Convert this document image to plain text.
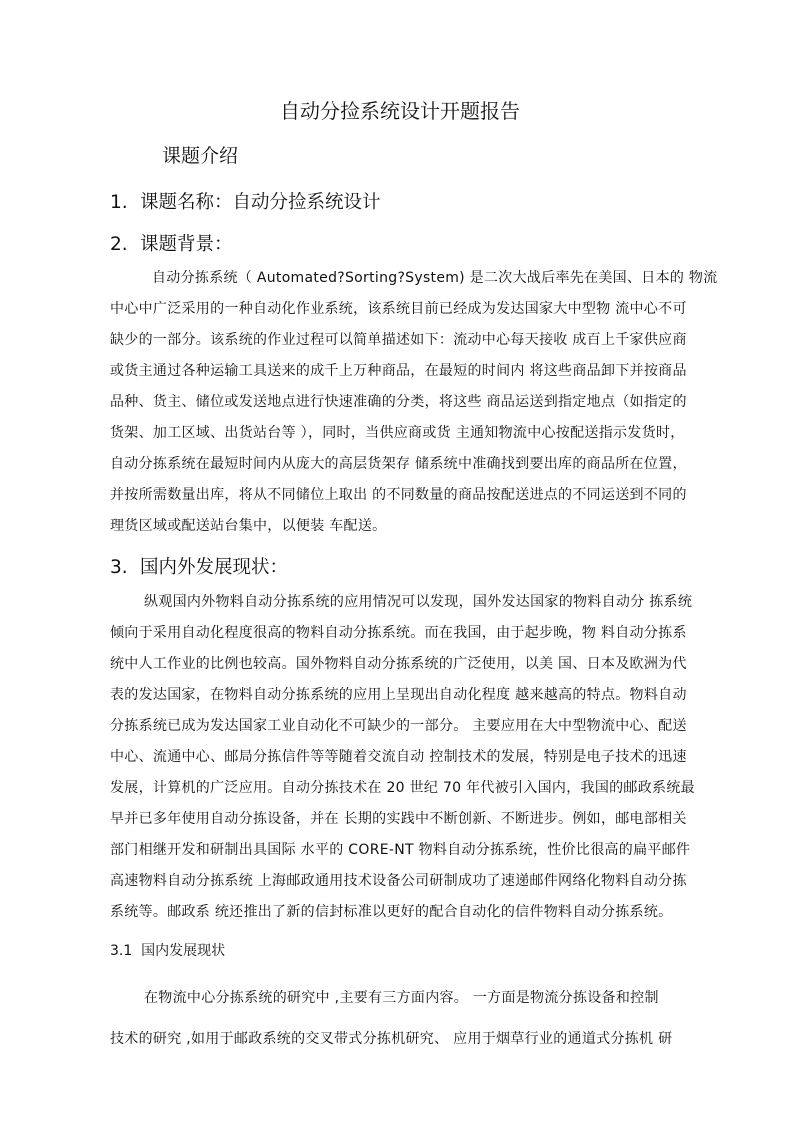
自动分捡系统设计开题报告
课题介绍
1. 课题名称：自动分捡系统设计
2. 课题背景：
自动分拣系统（ Automated?Sorting?System) 是二次大战后率先在美国、日本的 物流
中心中广泛采用的一种自动化作业系统，该系统目前已经成为发达国家大中型物 流中心不可
缺少的一部分。该系统的作业过程可以简单描述如下：流动中心每天接收 成百上千家供应商
或货主通过各种运输工具送来的成千上万种商品，在最短的时间内 将这些商品卸下并按商品
品种、货主、储位或发送地点进行快速准确的分类，将这些 商品运送到指定地点（如指定的
货架、加工区域、出货站台等 ），同时，当供应商或货 主通知物流中心按配送指示发货时，
自动分拣系统在最短时间内从庞大的高层货架存 储系统中准确找到要出库的商品所在位置，
并按所需数量出库，将从不同储位上取出 的不同数量的商品按配送进点的不同运送到不同的
理货区域或配送站台集中，以便装 车配送。
3. 国内外发展现状：
纵观国内外物料自动分拣系统的应用情况可以发现，国外发达国家的物料自动分 拣系统
倾向于采用自动化程度很高的物料自动分拣系统。而在我国，由于起步晚，物 料自动分拣系
统中人工作业的比例也较高。国外物料自动分拣系统的广泛使用，以美 国、日本及欧洲为代
表的发达国家，在物料自动分拣系统的应用上呈现出自动化程度 越来越高的特点。物料自动
分拣系统已成为发达国家工业自动化不可缺少的一部分。 主要应用在大中型物流中心、配送
中心、流通中心、邮局分拣信件等等随着交流自动 控制技术的发展，特别是电子技术的迅速
发展，计算机的广泛应用。自动分拣技术在 20 世纪 70 年代被引入国内，我国的邮政系统最
早并已多年使用自动分拣设备，并在 长期的实践中不断创新、不断进步。例如，邮电部相关
部门相继开发和研制出具国际 水平的 CORE-NT 物料自动分拣系统，性价比很高的扁平邮件
高速物料自动分拣系统 上海邮政通用技术设备公司研制成功了速递邮件网络化物料自动分拣
系统等。邮政系 统还推出了新的信封标准以更好的配合自动化的信件物料自动分拣系统。
3.1 国内发展现状
在物流中心分拣系统的研究中 ,主要有三方面内容。 一方面是物流分拣设备和控制
技术的研究 ,如用于邮政系统的交叉带式分拣机研究、 应用于烟草行业的通道式分拣机 研
